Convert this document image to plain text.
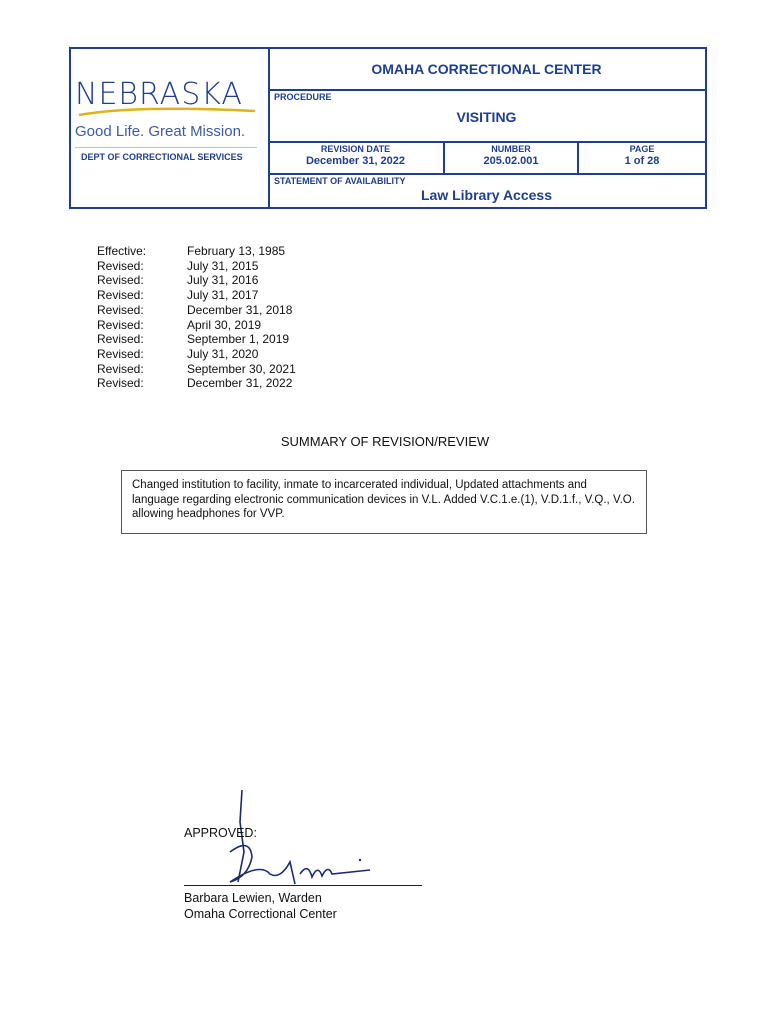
NEBRASKA
Good Life. Great Mission.
DEPT OF CORRECTIONAL SERVICES
OMAHA CORRECTIONAL CENTER
PROCEDURE
VISITING
REVISION DATE
December 31, 2022
NUMBER
205.02.001
PAGE
1 of 28
STATEMENT OF AVAILABILITY
Law Library Access
Effective:	February 13, 1985
Revised:	July 31, 2015
Revised:	July 31, 2016
Revised:	July 31, 2017
Revised:	December 31, 2018
Revised:	April 30, 2019
Revised:	September 1, 2019
Revised:	July 31, 2020
Revised:	September 30, 2021
Revised:	December 31, 2022
SUMMARY OF REVISION/REVIEW
Changed institution to facility, inmate to incarcerated individual, Updated attachments and language regarding electronic communication devices in V.L. Added V.C.1.e.(1), V.D.1.f., V.Q., V.O. allowing headphones for VVP.
APPROVED:
Barbara Lewien, Warden
Omaha Correctional Center
